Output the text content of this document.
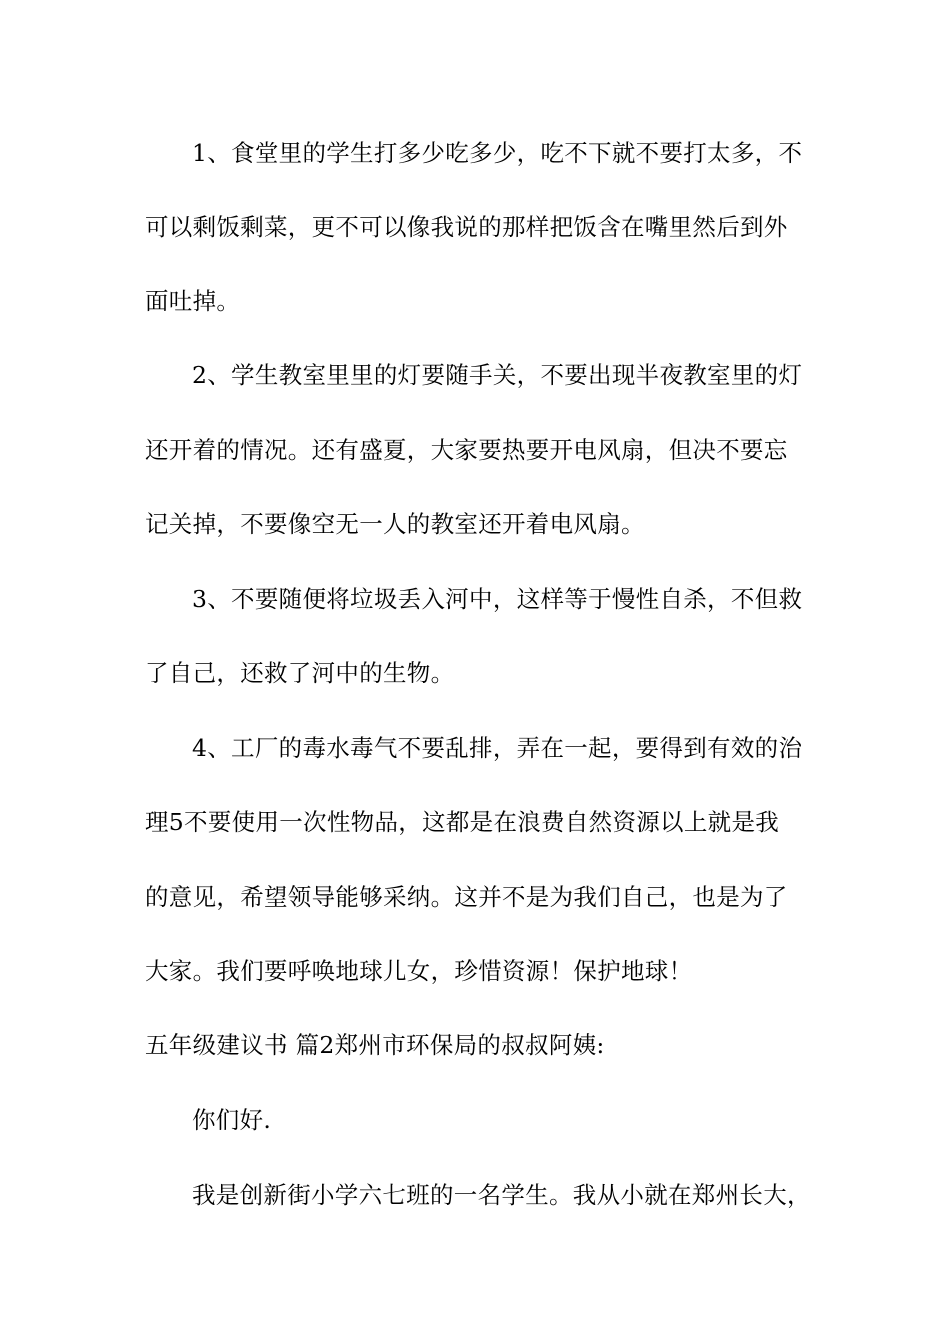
1、食堂里的学生打多少吃多少，吃不下就不要打太多，不
可以剩饭剩菜，更不可以像我说的那样把饭含在嘴里然后到外
面吐掉。
2、学生教室里里的灯要随手关，不要出现半夜教室里的灯
还开着的情况。还有盛夏，大家要热要开电风扇，但决不要忘
记关掉，不要像空无一人的教室还开着电风扇。
3、不要随便将垃圾丢入河中，这样等于慢性自杀，不但救
了自己，还救了河中的生物。
4、工厂的毒水毒气不要乱排，弄在一起，要得到有效的治
理5不要使用一次性物品，这都是在浪费自然资源以上就是我
的意见，希望领导能够采纳。这并不是为我们自己，也是为了
大家。我们要呼唤地球儿女，珍惜资源！保护地球！
五年级建议书 篇2郑州市环保局的叔叔阿姨:
你们好.
我是创新街小学六七班的一名学生。我从小就在郑州长大，
